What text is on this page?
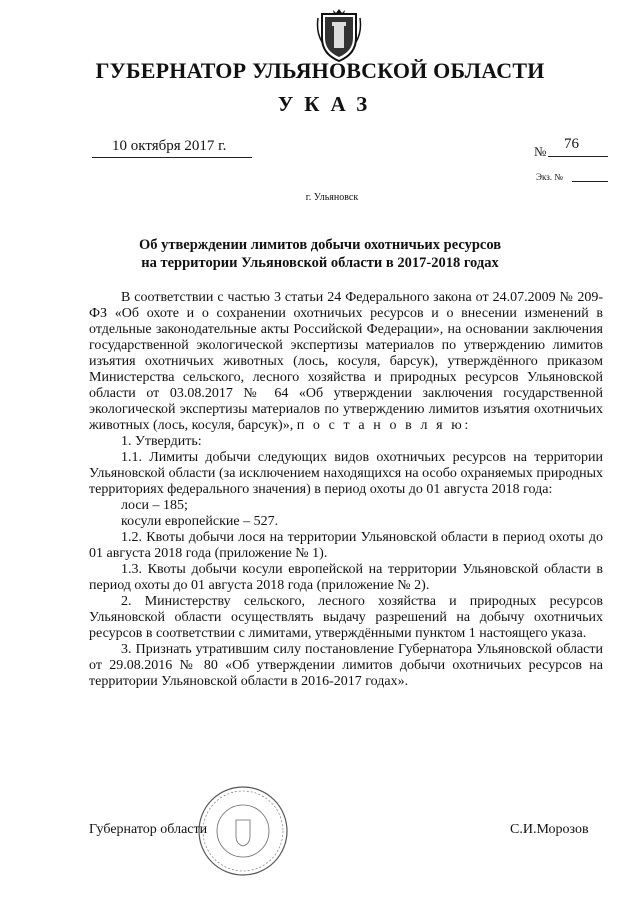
ГУБЕРНАТОР УЛЬЯНОВСКОЙ ОБЛАСТИ
УКАЗ
10 октября 2017 г.	№ 76
Экз. №
г. Ульяновск
Об утверждении лимитов добычи охотничьих ресурсов
на территории Ульяновской области в 2017-2018 годах

В соответствии с частью 3 статьи 24 Федерального закона от 24.07.2009 № 209-ФЗ «Об охоте и о сохранении охотничьих ресурсов и о внесении изменений в отдельные законодательные акты Российской Федерации», на основании заключения государственной экологической экспертизы материалов по утверждению лимитов изъятия охотничьих животных (лось, косуля, барсук), утверждённого приказом Министерства сельского, лесного хозяйства и природных ресурсов Ульяновской области от 03.08.2017 № 64 «Об утверждении заключения государственной экологической экспертизы материалов по утверждению лимитов изъятия охотничьих животных (лось, косуля, барсук)», п о с т а н о в л я ю:

1. Утвердить:

1.1. Лимиты добычи следующих видов охотничьих ресурсов на территории Ульяновской области (за исключением находящихся на особо охраняемых природных территориях федерального значения) в период охоты до 01 августа 2018 года:

лоси – 185;

косули европейские – 527.

1.2. Квоты добычи лося на территории Ульяновской области в период охоты до 01 августа 2018 года (приложение № 1).

1.3. Квоты добычи косули европейской на территории Ульяновской области в период охоты до 01 августа 2018 года (приложение № 2).

2. Министерству сельского, лесного хозяйства и природных ресурсов Ульяновской области осуществлять выдачу разрешений на добычу охотничьих ресурсов в соответствии с лимитами, утверждёнными пунктом 1 настоящего указа.

3. Признать утратившим силу постановление Губернатора Ульяновской области от 29.08.2016 № 80 «Об утверждении лимитов добычи охотничьих ресурсов на территории Ульяновской области в 2016-2017 годах».

Губернатор области	С.И.Морозов
